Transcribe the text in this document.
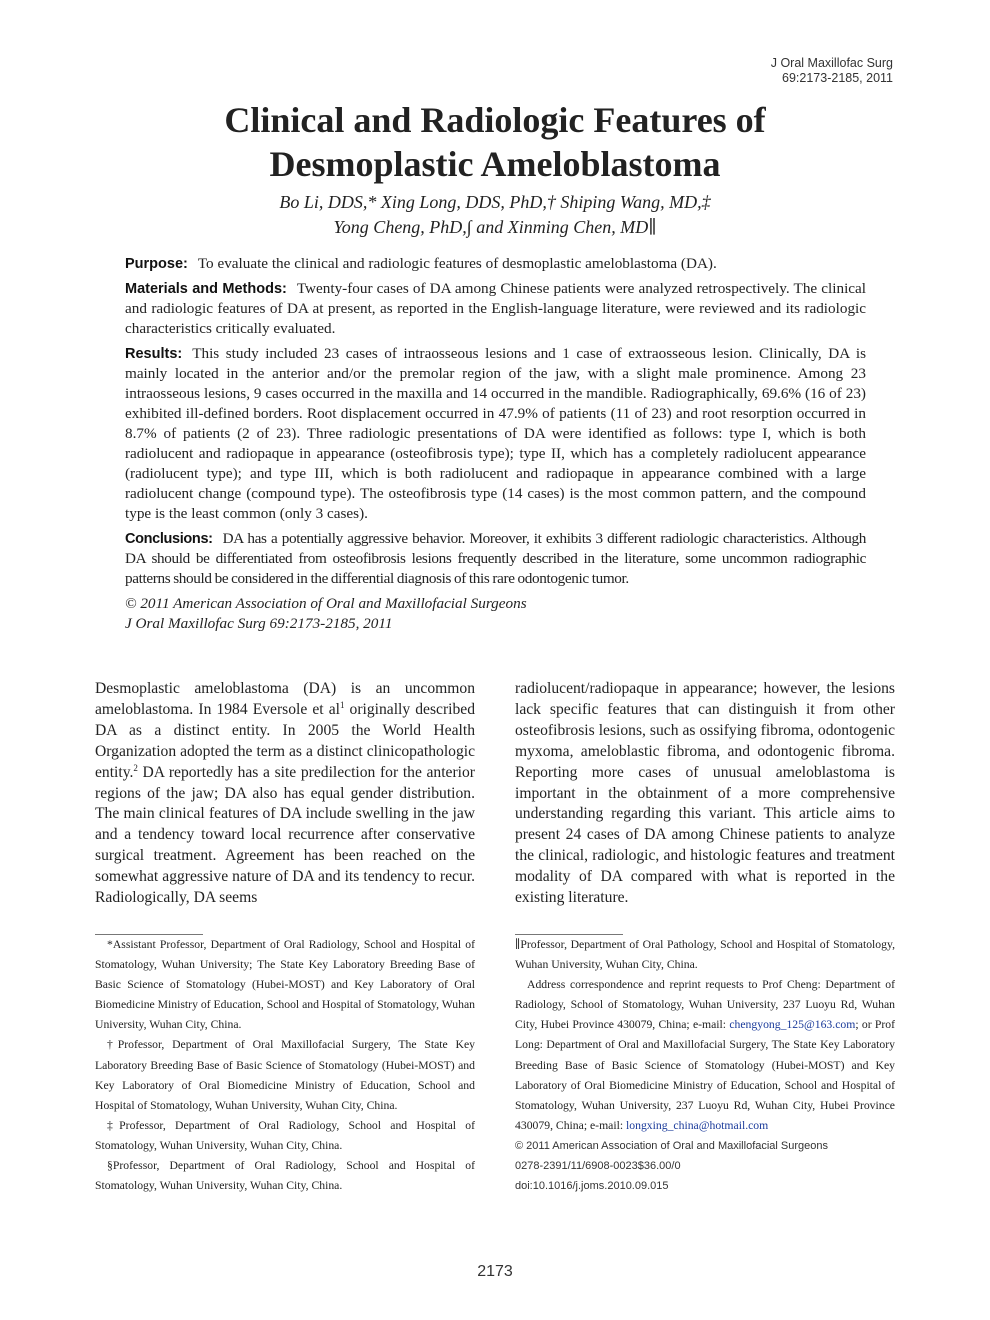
J Oral Maxillofac Surg
69:2173-2185, 2011
Clinical and Radiologic Features of
Desmoplastic Ameloblastoma
Bo Li, DDS,* Xing Long, DDS, PhD,† Shiping Wang, MD,‡
Yong Cheng, PhD,∫ and Xinming Chen, MD∥

Purpose: To evaluate the clinical and radiologic features of desmoplastic ameloblastoma (DA).

Materials and Methods: Twenty-four cases of DA among Chinese patients were analyzed retrospectively. The clinical and radiologic features of DA at present, as reported in the English-language literature, were reviewed and its radiologic characteristics critically evaluated.

Results: This study included 23 cases of intraosseous lesions and 1 case of extraosseous lesion. Clinically, DA is mainly located in the anterior and/or the premolar region of the jaw, with a slight male prominence. Among 23 intraosseous lesions, 9 cases occurred in the maxilla and 14 occurred in the mandible. Radiographically, 69.6% (16 of 23) exhibited ill-defined borders. Root displacement occurred in 47.9% of patients (11 of 23) and root resorption occurred in 8.7% of patients (2 of 23). Three radiologic presentations of DA were identified as follows: type I, which is both radiolucent and radiopaque in appearance (osteofibrosis type); type II, which has a completely radiolucent appearance (radiolucent type); and type III, which is both radiolucent and radiopaque in appearance combined with a large radiolucent change (compound type). The osteofibrosis type (14 cases) is the most common pattern, and the compound type is the least common (only 3 cases).

Conclusions: DA has a potentially aggressive behavior. Moreover, it exhibits 3 different radiologic characteristics. Although DA should be differentiated from osteofibrosis lesions frequently described in the literature, some uncommon radiographic patterns should be considered in the differential diagnosis of this rare odontogenic tumor.

© 2011 American Association of Oral and Maxillofacial Surgeons

J Oral Maxillofac Surg 69:2173-2185, 2011

Desmoplastic ameloblastoma (DA) is an uncommon ameloblastoma. In 1984 Eversole et $al^1$ originally described DA as a distinct entity. In 2005 the World Health Organization adopted the term as a distinct clinicopathologic entity.$^2$ DA reportedly has a site predilection for the anterior regions of the jaw; DA also has equal gender distribution. The main clinical features of DA include swelling in the jaw and a tendency toward local recurrence after conservative surgical treatment. Agreement has been reached on the somewhat aggressive nature of DA and its tendency to recur. Radiologically, DA seems

radiolucent/radiopaque in appearance; however, the lesions lack specific features that can distinguish it from other osteofibrosis lesions, such as ossifying fibroma, odontogenic myxoma, ameloblastic fibroma, and odontogenic fibroma. Reporting more cases of unusual ameloblastoma is important in the obtainment of a more comprehensive understanding regarding this variant. This article aims to present 24 cases of DA among Chinese patients to analyze the clinical, radiologic, and histologic features and treatment modality of DA compared with what is reported in the existing literature.

*Assistant Professor, Department of Oral Radiology, School and Hospital of Stomatology, Wuhan University; The State Key Laboratory Breeding Base of Basic Science of Stomatology (Hubei-MOST) and Key Laboratory of Oral Biomedicine Ministry of Education, School and Hospital of Stomatology, Wuhan University, Wuhan City, China.

†Professor, Department of Oral Maxillofacial Surgery, The State Key Laboratory Breeding Base of Basic Science of Stomatology (Hubei-MOST) and Key Laboratory of Oral Biomedicine Ministry of Education, School and Hospital of Stomatology, Wuhan University, Wuhan City, China.

‡Professor, Department of Oral Radiology, School and Hospital of Stomatology, Wuhan University, Wuhan City, China.

§Professor, Department of Oral Radiology, School and Hospital of Stomatology, Wuhan University, Wuhan City, China.

∥Professor, Department of Oral Pathology, School and Hospital of Stomatology, Wuhan University, Wuhan City, China.

Address correspondence and reprint requests to Prof Cheng: Department of Radiology, School of Stomatology, Wuhan University, 237 Luoyu Rd, Wuhan City, Hubei Province 430079, China; e-mail: chengyong_125@163.com; or Prof Long: Department of Oral and Maxillofacial Surgery, The State Key Laboratory Breeding Base of Basic Science of Stomatology (Hubei-MOST) and Key Laboratory of Oral Biomedicine Ministry of Education, School and Hospital of Stomatology, Wuhan University, 237 Luoyu Rd, Wuhan City, Hubei Province 430079, China; e-mail: longxing_china@hotmail.com

© 2011 American Association of Oral and Maxillofacial Surgeons

0278-2391/11/6908-0023$36.00/0

doi:10.1016/j.joms.2010.09.015

2173
